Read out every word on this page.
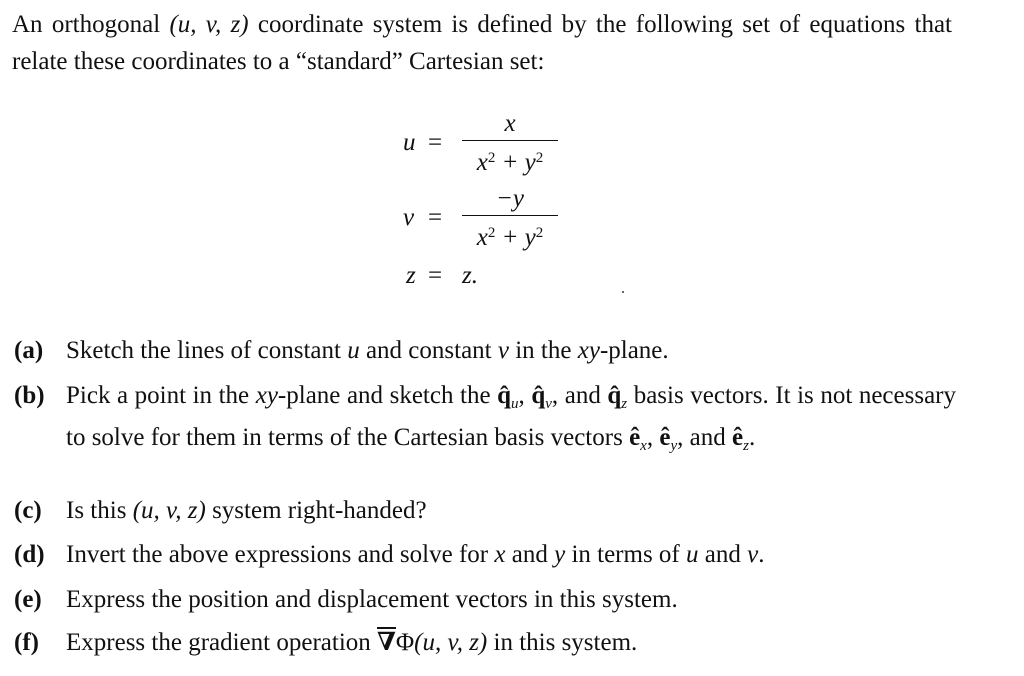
An orthogonal (u, v, z) coordinate system is defined by the following set of equations that relate these coordinates to a “standard” Cartesian set:
u =
x
$x^2 + y^2$
v =
−y
$x^2 + y^2$
z = z.
(a) Sketch the lines of constant u and constant v in the xy-plane.
(b) Pick a point in the xy-plane and sketch the $q̂_u$, $q̂_v$, and $q̂_z$ basis vectors. It is not necessary to solve for them in terms of the Cartesian basis vectors $ê_x$, $ê_y$, and $ê_z$.
(c) Is this (u, v, z) system right-handed?
(d) Invert the above expressions and solve for x and y in terms of u and v.
(e) Express the position and displacement vectors in this system.
(f) Express the gradient operation ∇Φ(u, v, z) in this system.
